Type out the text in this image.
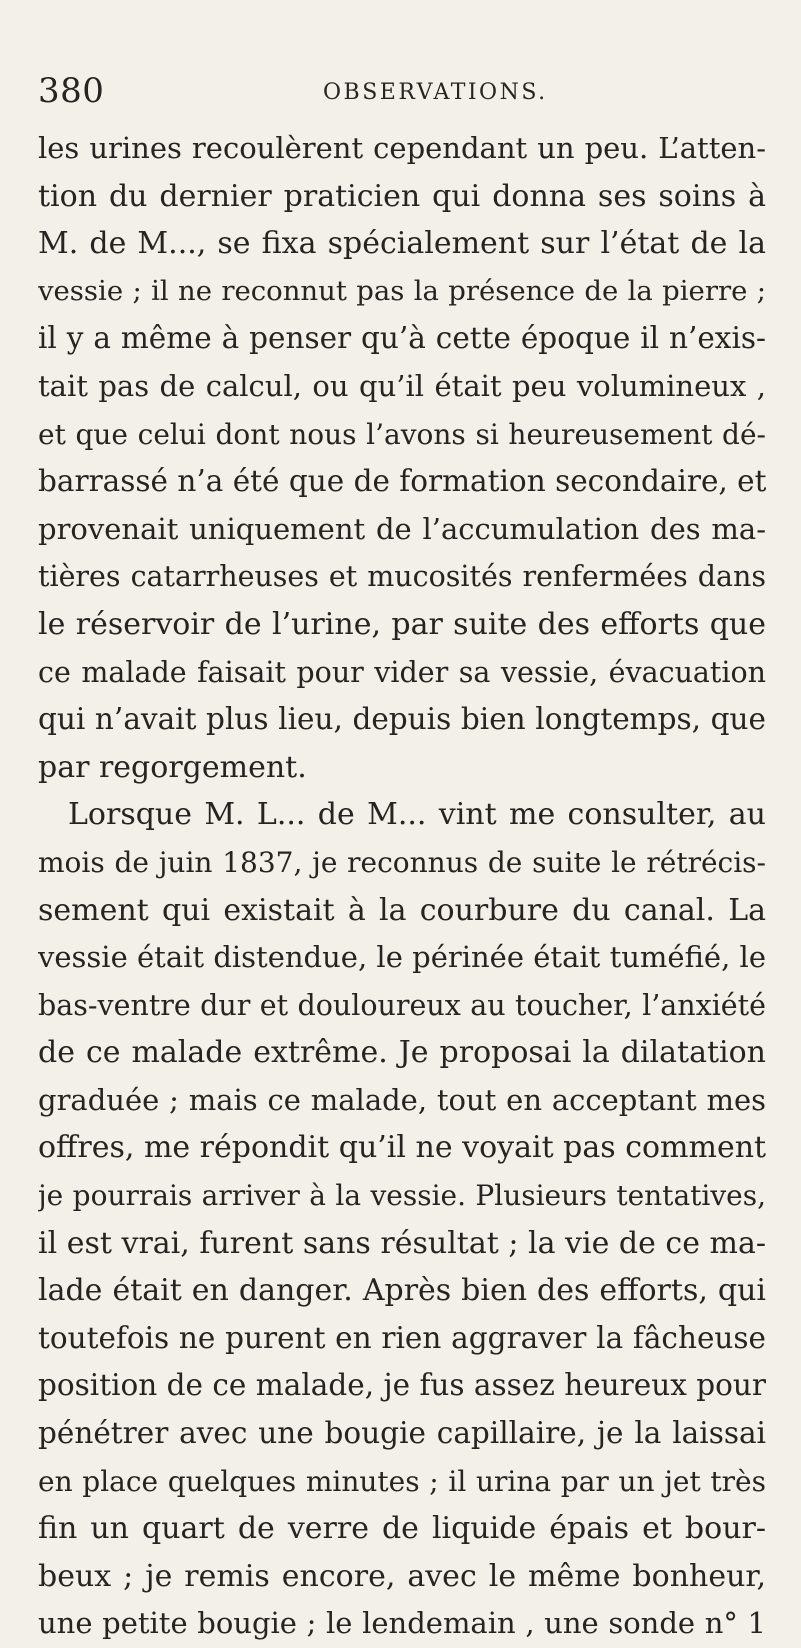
380	OBSERVATIONS.
les urines recoulèrent cependant un peu. L’atten-
tion du dernier praticien qui donna ses soins à
M. de M..., se fixa spécialement sur l’état de la
vessie ; il ne reconnut pas la présence de la pierre ;
il y a même à penser qu’à cette époque il n’exis-
tait pas de calcul, ou qu’il était peu volumineux ,
et que celui dont nous l’avons si heureusement dé-
barrassé n’a été que de formation secondaire, et
provenait uniquement de l’accumulation des ma-
tières catarrheuses et mucosités renfermées dans
le réservoir de l’urine, par suite des efforts que
ce malade faisait pour vider sa vessie, évacuation
qui n’avait plus lieu, depuis bien longtemps, que
par regorgement.
Lorsque M. L... de M... vint me consulter, au
mois de juin 1837, je reconnus de suite le rétrécis-
sement qui existait à la courbure du canal. La
vessie était distendue, le périnée était tuméfié, le
bas-ventre dur et douloureux au toucher, l’anxiété
de ce malade extrême. Je proposai la dilatation
graduée ; mais ce malade, tout en acceptant mes
offres, me répondit qu’il ne voyait pas comment
je pourrais arriver à la vessie. Plusieurs tentatives,
il est vrai, furent sans résultat ; la vie de ce ma-
lade était en danger. Après bien des efforts, qui
toutefois ne purent en rien aggraver la fâcheuse
position de ce malade, je fus assez heureux pour
pénétrer avec une bougie capillaire, je la laissai
en place quelques minutes ; il urina par un jet très
fin un quart de verre de liquide épais et bour-
beux ; je remis encore, avec le même bonheur,
une petite bougie ; le lendemain , une sonde n° 1
